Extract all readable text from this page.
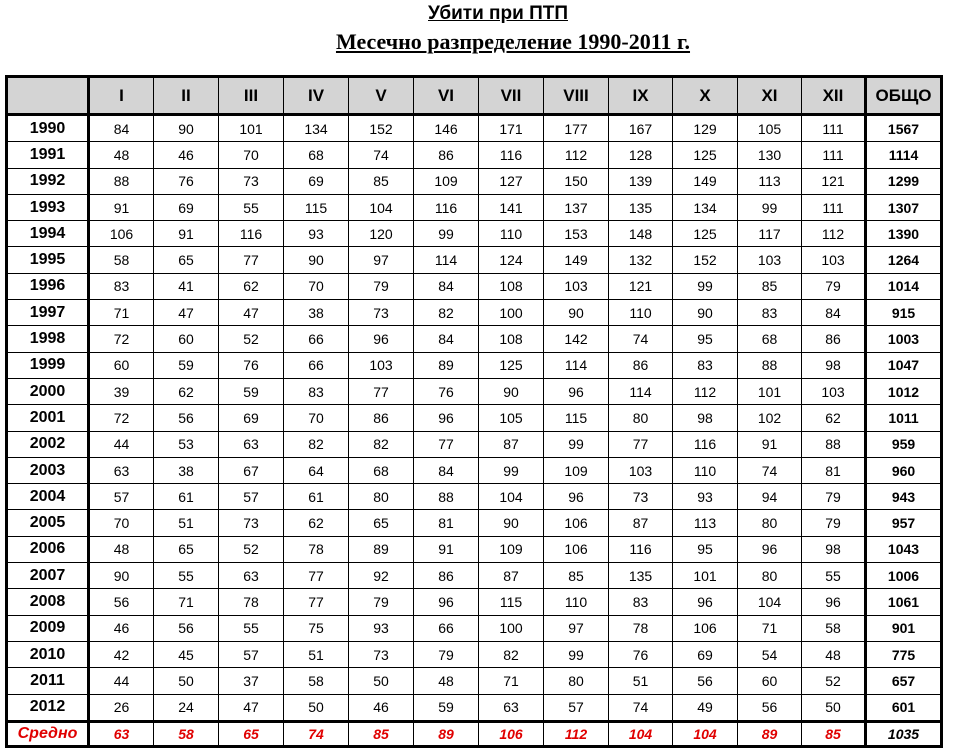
Убити при ПТП
Месечно разпределение 1990-2011 г.
	I	II	III	IV	V	VI	VII	VIII	IX	X	XI	XII	ОБЩО
1990	84	90	101	134	152	146	171	177	167	129	105	111	1567
1991	48	46	70	68	74	86	116	112	128	125	130	111	1114
1992	88	76	73	69	85	109	127	150	139	149	113	121	1299
1993	91	69	55	115	104	116	141	137	135	134	99	111	1307
1994	106	91	116	93	120	99	110	153	148	125	117	112	1390
1995	58	65	77	90	97	114	124	149	132	152	103	103	1264
1996	83	41	62	70	79	84	108	103	121	99	85	79	1014
1997	71	47	47	38	73	82	100	90	110	90	83	84	915
1998	72	60	52	66	96	84	108	142	74	95	68	86	1003
1999	60	59	76	66	103	89	125	114	86	83	88	98	1047
2000	39	62	59	83	77	76	90	96	114	112	101	103	1012
2001	72	56	69	70	86	96	105	115	80	98	102	62	1011
2002	44	53	63	82	82	77	87	99	77	116	91	88	959
2003	63	38	67	64	68	84	99	109	103	110	74	81	960
2004	57	61	57	61	80	88	104	96	73	93	94	79	943
2005	70	51	73	62	65	81	90	106	87	113	80	79	957
2006	48	65	52	78	89	91	109	106	116	95	96	98	1043
2007	90	55	63	77	92	86	87	85	135	101	80	55	1006
2008	56	71	78	77	79	96	115	110	83	96	104	96	1061
2009	46	56	55	75	93	66	100	97	78	106	71	58	901
2010	42	45	57	51	73	79	82	99	76	69	54	48	775
2011	44	50	37	58	50	48	71	80	51	56	60	52	657
2012	26	24	47	50	46	59	63	57	74	49	56	50	601
Средно	63	58	65	74	85	89	106	112	104	104	89	85	1035
